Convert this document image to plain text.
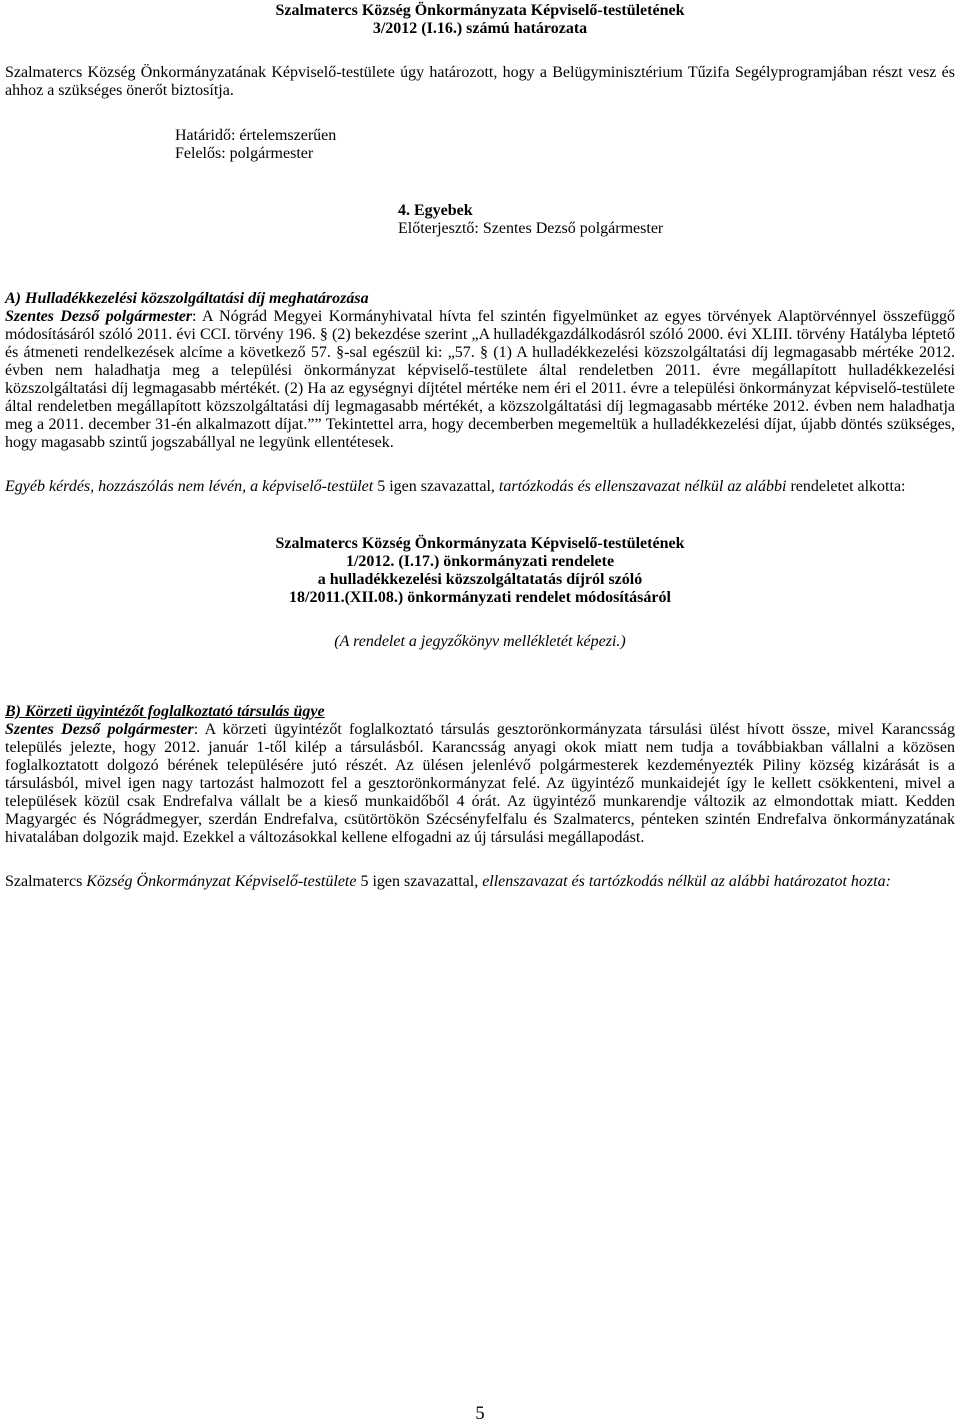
Szalmatercs Község Önkormányzata Képviselő-testületének

3/2012 (I.16.) számú határozata

Szalmatercs Község Önkormányzatának Képviselő-testülete úgy határozott, hogy a Belügyminisztérium Tűzifa Segélyprogramjában részt vesz és ahhoz a szükséges önerőt biztosítja.

Határidő: értelemszerűen

Felelős: polgármester

4. Egyebek

Előterjesztő: Szentes Dezső polgármester

A) Hulladékkezelési közszolgáltatási díj meghatározása

Szentes Dezső polgármester: A Nógrád Megyei Kormányhivatal hívta fel szintén figyelmünket az egyes törvények Alaptörvénnyel összefüggő módosításáról szóló 2011. évi CCI. törvény 196. § (2) bekezdése szerint „A hulladékgazdálkodásról szóló 2000. évi XLIII. törvény Hatályba léptető és átmeneti rendelkezések alcíme a következő 57. §-sal egészül ki: „57. § (1) A hulladékkezelési közszolgáltatási díj legmagasabb mértéke 2012. évben nem haladhatja meg a települési önkormányzat képviselő-testülete által rendeletben 2011. évre megállapított hulladékkezelési közszolgáltatási díj legmagasabb mértékét. (2) Ha az egységnyi díjtétel mértéke nem éri el 2011. évre a települési önkormányzat képviselő-testülete által rendeletben megállapított közszolgáltatási díj legmagasabb mértékét, a közszolgáltatási díj legmagasabb mértéke 2012. évben nem haladhatja meg a 2011. december 31-én alkalmazott díjat.”” Tekintettel arra, hogy decemberben megemeltük a hulladékkezelési díjat, újabb döntés szükséges, hogy magasabb szintű jogszabállyal ne legyünk ellentétesek.

Egyéb kérdés, hozzászólás nem lévén, a képviselő-testület 5 igen szavazattal, tartózkodás és ellenszavazat nélkül az alábbi rendeletet alkotta:

Szalmatercs Község Önkormányzata Képviselő-testületének

1/2012. (I.17.) önkormányzati rendelete

a hulladékkezelési közszolgáltatatás díjról szóló

18/2011.(XII.08.) önkormányzati rendelet módosításáról

(A rendelet a jegyzőkönyv mellékletét képezi.)

B) Körzeti ügyintézőt foglalkoztató társulás ügye

Szentes Dezső polgármester: A körzeti ügyintézőt foglalkoztató társulás gesztorönkormányzata társulási ülést hívott össze, mivel Karancsság település jelezte, hogy 2012. január 1-től kilép a társulásból. Karancsság anyagi okok miatt nem tudja a továbbiakban vállalni a közösen foglalkoztatott dolgozó bérének településére jutó részét. Az ülésen jelenlévő polgármesterek kezdeményezték Piliny község kizárását is a társulásból, mivel igen nagy tartozást halmozott fel a gesztorönkormányzat felé. Az ügyintéző munkaidejét így le kellett csökkenteni, mivel a települések közül csak Endrefalva vállalt be a kieső munkaidőből 4 órát. Az ügyintéző munkarendje változik az elmondottak miatt. Kedden Magyargéc és Nógrádmegyer, szerdán Endrefalva, csütörtökön Szécsényfelfalu és Szalmatercs, pénteken szintén Endrefalva önkormányzatának hivatalában dolgozik majd. Ezekkel a változásokkal kellene elfogadni az új társulási megállapodást.

Szalmatercs Község Önkormányzat Képviselő-testülete 5 igen szavazattal, ellenszavazat és tartózkodás nélkül az alábbi határozatot hozta:

5
